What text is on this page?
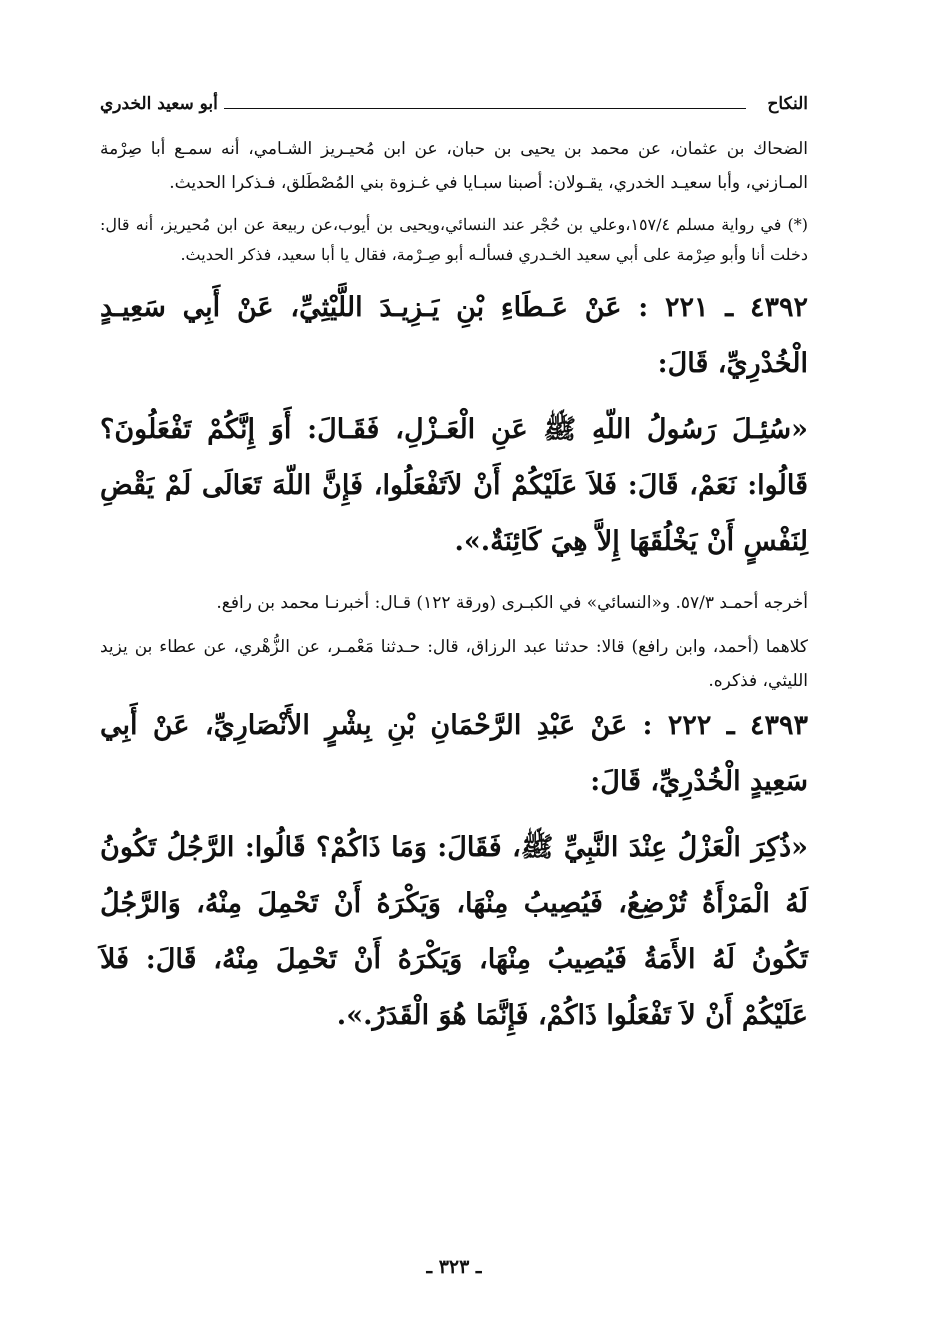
النكاح
أبو سعيد الخدري

الضحاك بن عثمان، عن محمد بن يحيى بن حبان، عن ابن مُحيـريز الشـامي، أنه سمـع أبا صِرْمة المـازني، وأبا سعيـد الخدري، يقـولان: أصبنا سبـايا في غـزوة بني المُصْطَلق، فـذكرا الحديث.

(*) في رواية مسلم ١٥٧/٤،وعلي بن حُجْر عند النسائي،ويحيى بن أيوب،عن ربيعة عن ابن مُحيريز، أنه قال: دخلت أنا وأبو صِرْمة على أبي سعيد الخـدري فسألـه أبو صِـرْمة، فقال يا أبا سعيد، فذكر الحديث.

٤٣٩٢ ـ ٢٢١ : عَنْ عَـطَاءِ بْنِ يَـزِيـدَ اللَّيْثِيِّ، عَنْ أَبِي سَعِيـدٍ الْخُدْرِيِّ، قَالَ:

«سُئِـلَ رَسُولُ اللّهِ ﷺ عَنِ الْعَـزْلِ، فَقَـالَ: أَوَ إِنَّكُمْ تَفْعَلُونَ؟ قَالُوا: نَعَمْ، قَالَ: فَلاَ عَلَيْكُمْ أَنْ لاَتَفْعَلُوا، فَإِنَّ اللّهَ تَعَالَى لَمْ يَقْضِ لِنَفْسٍ أَنْ يَخْلُقَهَا إِلاَّ هِيَ كَائِنَةٌ.».

أخرجه أحمـد ٥٧/٣. و«النسائي» في الكبـرى (ورقة ١٢٢) قـال: أخبرنـا محمد بن رافع.

كلاهما (أحمد، وابن رافع) قالا: حدثنا عبد الرزاق، قال: حـدثنا مَعْمـر، عن الزُّهْري، عن عطاء بن يزيد الليثي، فذكره.

٤٣٩٣ ـ ٢٢٢ : عَنْ عَبْدِ الرَّحْمَانِ بْنِ بِشْرٍ الأَنْصَارِيِّ، عَنْ أَبِي سَعِيدٍ الْخُدْرِيِّ، قَالَ:

«ذُكِرَ الْعَزْلُ عِنْدَ النَّبِيِّ ﷺ، فَقَالَ: وَمَا ذَاكُمْ؟ قَالُوا: الرَّجُلُ تَكُونُ لَهُ الْمَرْأَةُ تُرْضِعُ، فَيُصِيبُ مِنْهَا، وَيَكْرَهُ أَنْ تَحْمِلَ مِنْهُ، وَالرَّجُلُ تَكُونُ لَهُ الأَمَةُ فَيُصِيبُ مِنْهَا، وَيَكْرَهُ أَنْ تَحْمِلَ مِنْهُ، قَالَ: فَلاَ عَلَيْكُمْ أَنْ لاَ تَفْعَلُوا ذَاكُمْ، فَإِنَّمَا هُوَ الْقَدَرُ.».

ـ ٣٢٣ ـ
